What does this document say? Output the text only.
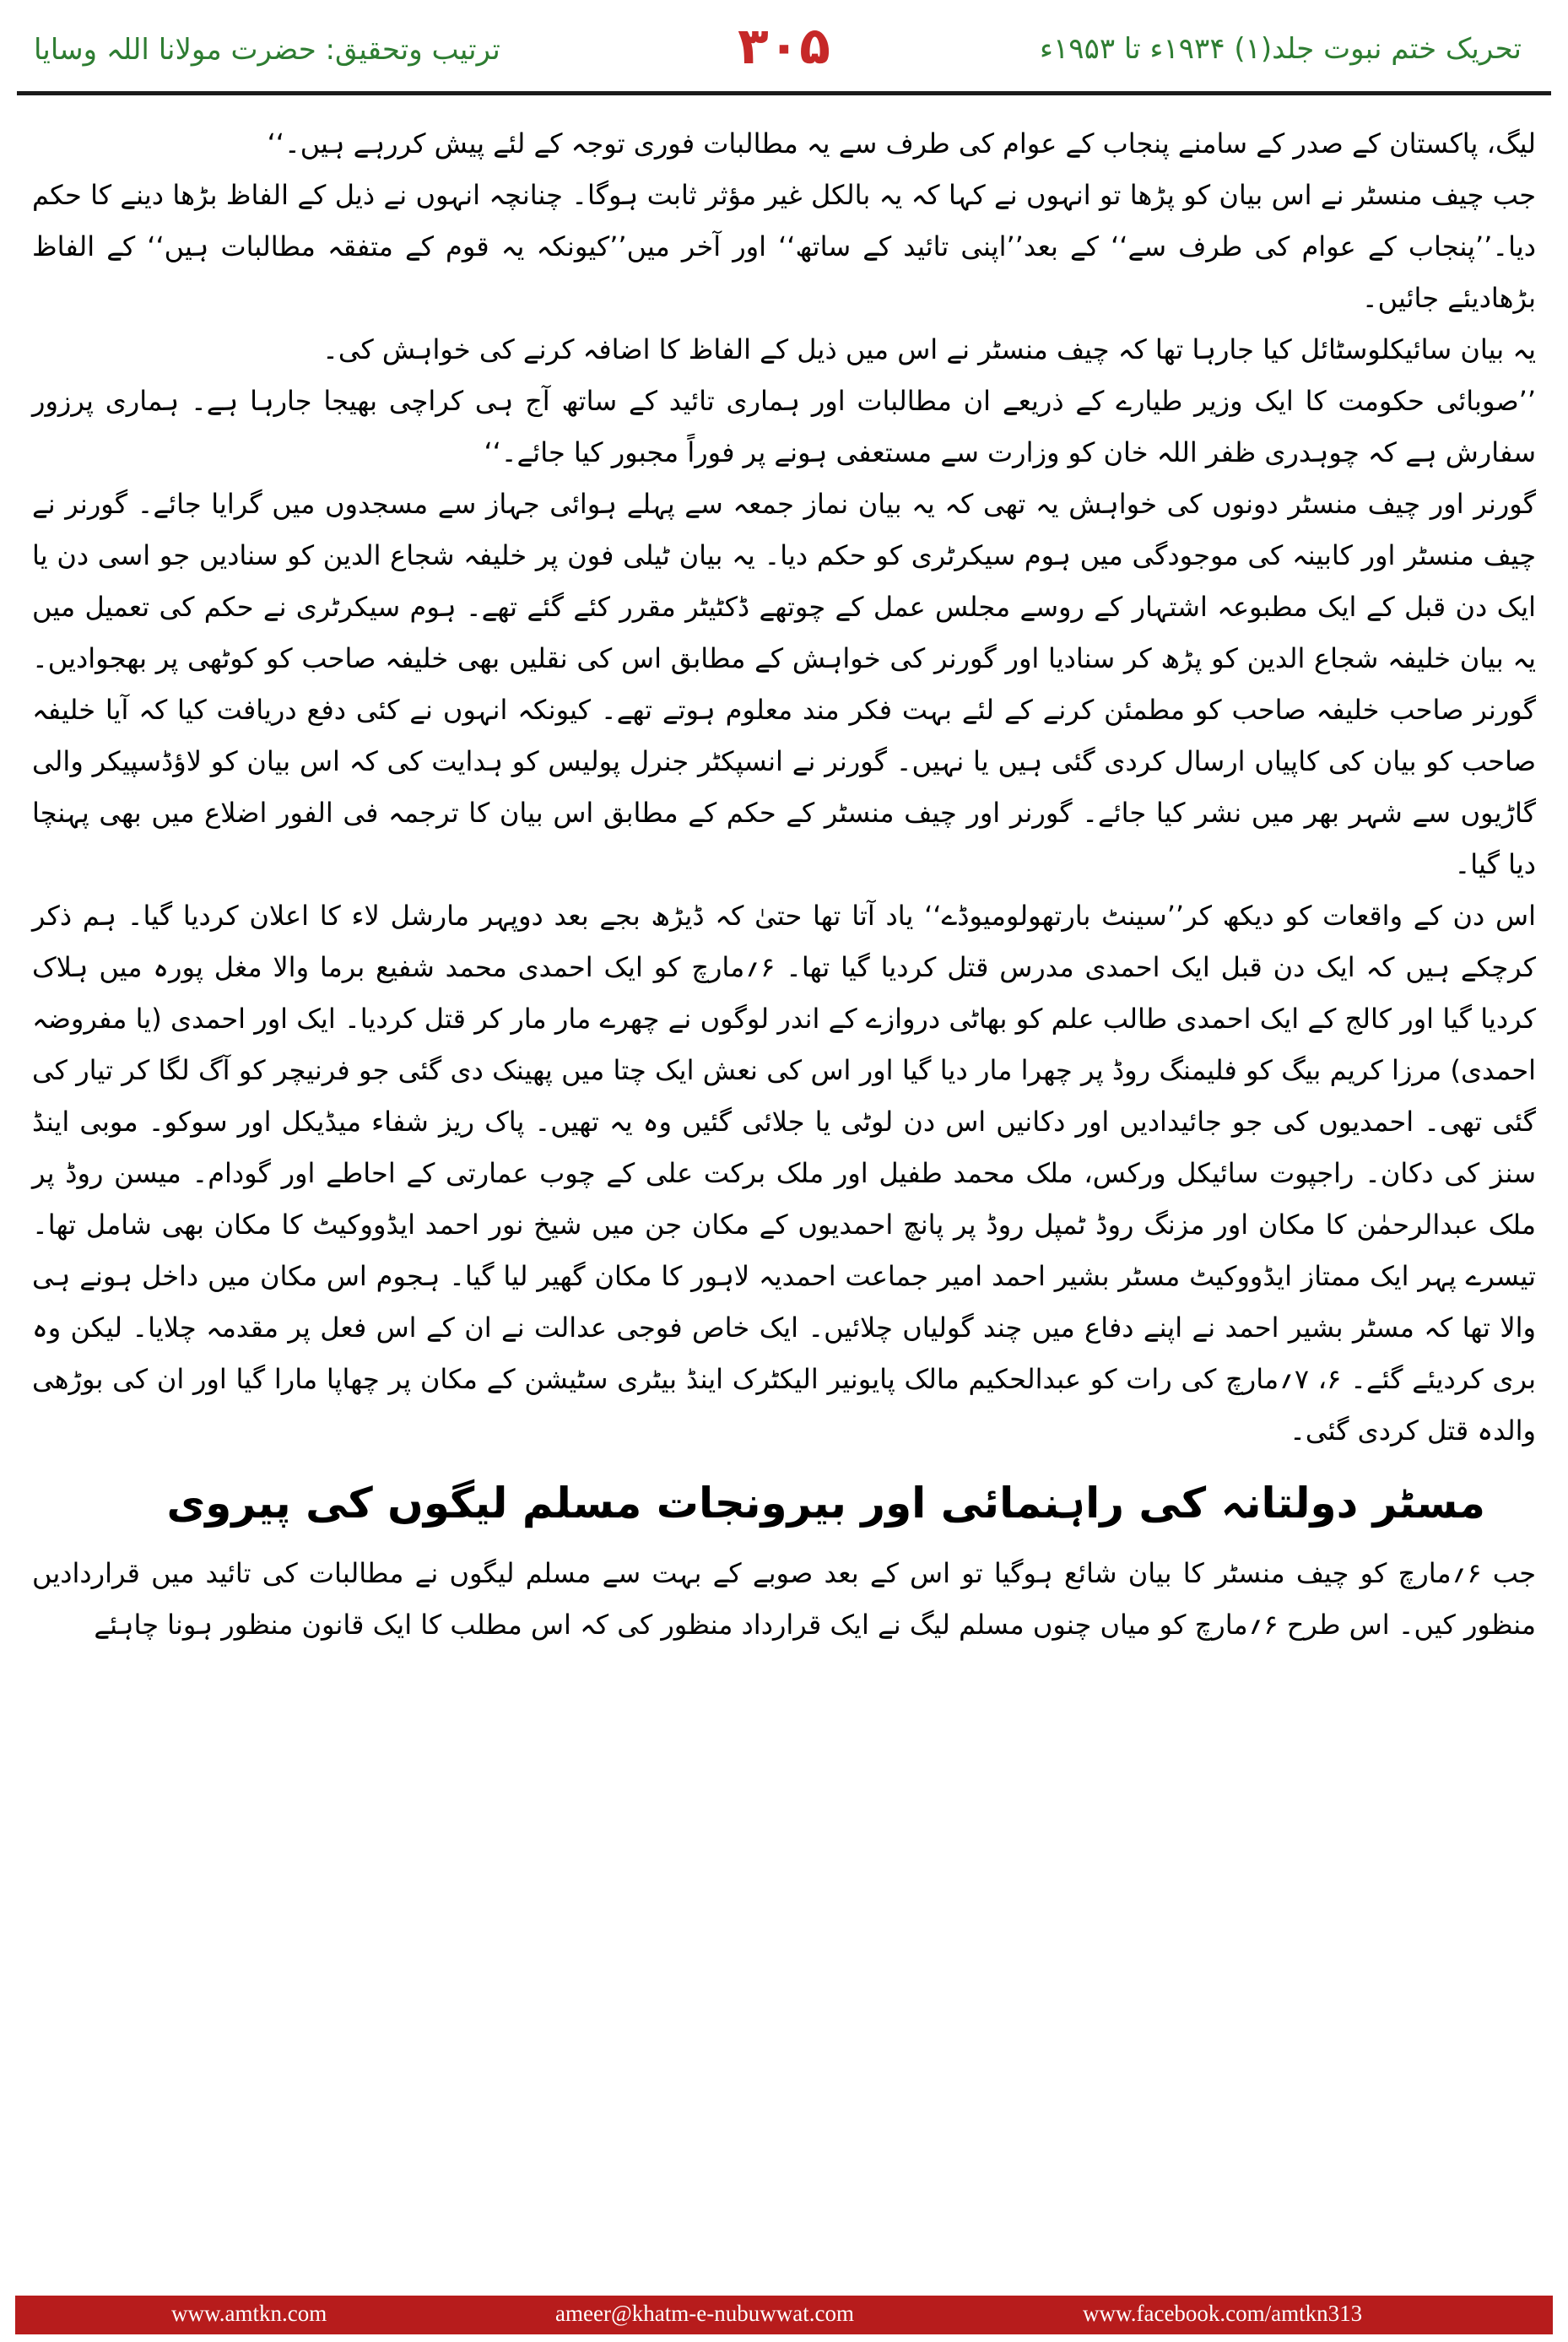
تحریک ختم نبوت جلد(۱) ۱۹۳۴ء تا ۱۹۵۳ء
۳۰۵
ترتیب وتحقیق: حضرت مولانا اللہ وسایا

لیگ، پاکستان کے صدر کے سامنے پنجاب کے عوام کی طرف سے یہ مطالبات فوری توجہ کے لئے پیش کررہے ہیں۔‘‘

جب چیف منسٹر نے اس بیان کو پڑھا تو انہوں نے کہا کہ یہ بالکل غیر مؤثر ثابت ہوگا۔ چنانچہ انہوں نے ذیل کے الفاظ بڑھا دینے کا حکم دیا۔’’پنجاب کے عوام کی طرف سے‘‘ کے بعد’’اپنی تائید کے ساتھ‘‘ اور آخر میں’’کیونکہ یہ قوم کے متفقہ مطالبات ہیں‘‘ کے الفاظ بڑھادیئے جائیں۔

یہ بیان سائیکلوسٹائل کیا جارہا تھا کہ چیف منسٹر نے اس میں ذیل کے الفاظ کا اضافہ کرنے کی خواہش کی۔

’’صوبائی حکومت کا ایک وزیر طیارے کے ذریعے ان مطالبات اور ہماری تائید کے ساتھ آج ہی کراچی بھیجا جارہا ہے۔ ہماری پرزور سفارش ہے کہ چوہدری ظفر اللہ خان کو وزارت سے مستعفی ہونے پر فوراً مجبور کیا جائے۔‘‘

گورنر اور چیف منسٹر دونوں کی خواہش یہ تھی کہ یہ بیان نماز جمعہ سے پہلے ہوائی جہاز سے مسجدوں میں گرایا جائے۔ گورنر نے چیف منسٹر اور کابینہ کی موجودگی میں ہوم سیکرٹری کو حکم دیا۔ یہ بیان ٹیلی فون پر خلیفہ شجاع الدین کو سنادیں جو اسی دن یا ایک دن قبل کے ایک مطبوعہ اشتہار کے روسے مجلس عمل کے چوتھے ڈکٹیٹر مقرر کئے گئے تھے۔ ہوم سیکرٹری نے حکم کی تعمیل میں یہ بیان خلیفہ شجاع الدین کو پڑھ کر سنادیا اور گورنر کی خواہش کے مطابق اس کی نقلیں بھی خلیفہ صاحب کو کوٹھی پر بھجوادیں۔ گورنر صاحب خلیفہ صاحب کو مطمئن کرنے کے لئے بہت فکر مند معلوم ہوتے تھے۔ کیونکہ انہوں نے کئی دفع دریافت کیا کہ آیا خلیفہ صاحب کو بیان کی کاپیاں ارسال کردی گئی ہیں یا نہیں۔ گورنر نے انسپکٹر جنرل پولیس کو ہدایت کی کہ اس بیان کو لاؤڈسپیکر والی گاڑیوں سے شہر بھر میں نشر کیا جائے۔ گورنر اور چیف منسٹر کے حکم کے مطابق اس بیان کا ترجمہ فی الفور اضلاع میں بھی پہنچا دیا گیا۔

اس دن کے واقعات کو دیکھ کر’’سینٹ بارتھولومیوڈے‘‘ یاد آتا تھا حتیٰ کہ ڈیڑھ بجے بعد دوپہر مارشل لاء کا اعلان کردیا گیا۔ ہم ذکر کرچکے ہیں کہ ایک دن قبل ایک احمدی مدرس قتل کردیا گیا تھا۔ ۶؍مارچ کو ایک احمدی محمد شفیع برما والا مغل پورہ میں ہلاک کردیا گیا اور کالج کے ایک احمدی طالب علم کو بھاٹی دروازے کے اندر لوگوں نے چھرے مار مار کر قتل کردیا۔ ایک اور احمدی (یا مفروضہ احمدی) مرزا کریم بیگ کو فلیمنگ روڈ پر چھرا مار دیا گیا اور اس کی نعش ایک چتا میں پھینک دی گئی جو فرنیچر کو آگ لگا کر تیار کی گئی تھی۔ احمدیوں کی جو جائیدادیں اور دکانیں اس دن لوٹی یا جلائی گئیں وہ یہ تھیں۔ پاک ریز شفاء میڈیکل اور سوکو۔ موبی اینڈ سنز کی دکان۔ راجپوت سائیکل ورکس، ملک محمد طفیل اور ملک برکت علی کے چوب عمارتی کے احاطے اور گودام۔ میسن روڈ پر ملک عبدالرحمٰن کا مکان اور مزنگ روڈ ٹمپل روڈ پر پانچ احمدیوں کے مکان جن میں شیخ نور احمد ایڈووکیٹ کا مکان بھی شامل تھا۔ تیسرے پہر ایک ممتاز ایڈووکیٹ مسٹر بشیر احمد امیر جماعت احمدیہ لاہور کا مکان گھیر لیا گیا۔ ہجوم اس مکان میں داخل ہونے ہی والا تھا کہ مسٹر بشیر احمد نے اپنے دفاع میں چند گولیاں چلائیں۔ ایک خاص فوجی عدالت نے ان کے اس فعل پر مقدمہ چلایا۔ لیکن وہ بری کردیئے گئے۔ ۶، ۷؍مارچ کی رات کو عبدالحکیم مالک پایونیر الیکٹرک اینڈ بیٹری سٹیشن کے مکان پر چھاپا مارا گیا اور ان کی بوڑھی والدہ قتل کردی گئی۔

مسٹر دولتانہ کی راہنمائی اور بیرونجات مسلم لیگوں کی پیروی

جب ۶؍مارچ کو چیف منسٹر کا بیان شائع ہوگیا تو اس کے بعد صوبے کے بہت سے مسلم لیگوں نے مطالبات کی تائید میں قراردادیں منظور کیں۔ اس طرح ۶؍مارچ کو میاں چنوں مسلم لیگ نے ایک قرارداد منظور کی کہ اس مطلب کا ایک قانون منظور ہونا چاہئے

www.amtkn.com	ameer@khatm-e-nubuwwat.com	www.facebook.com/amtkn313
